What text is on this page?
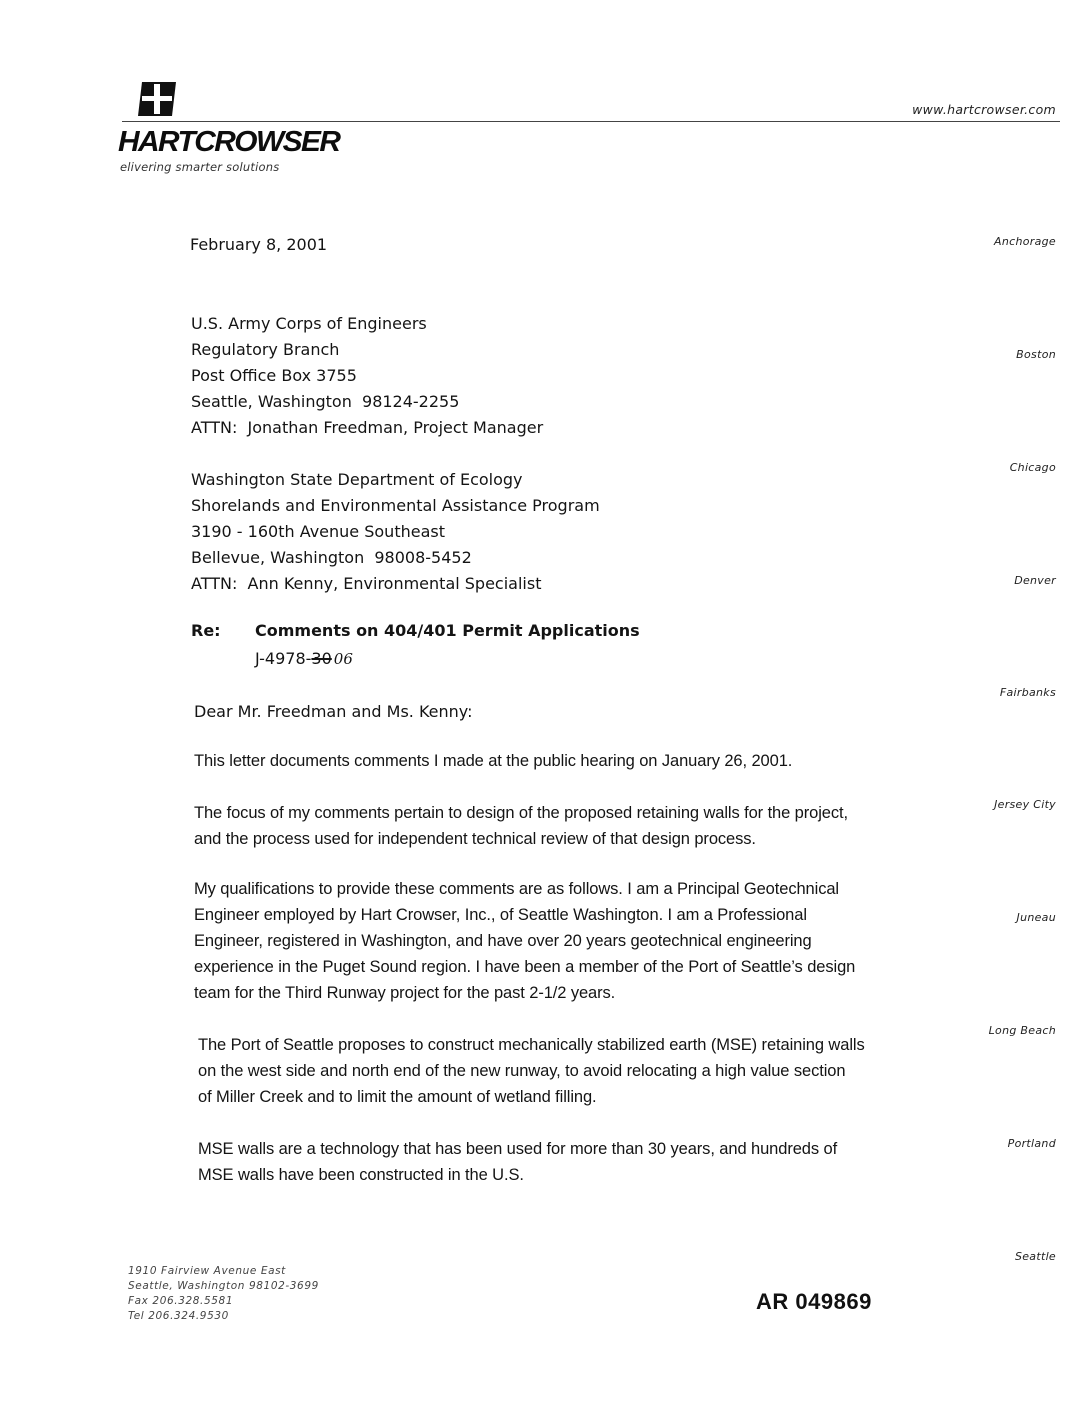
www.hartcrowser.com
HARTCROWSER
elivering smarter solutions
Anchorage
Boston
Chicago
Denver
Fairbanks
Jersey City
Juneau
Long Beach
Portland
Seattle
February 8, 2001
U.S. Army Corps of Engineers
Regulatory Branch
Post Office Box 3755
Seattle, Washington  98124-2255
ATTN:  Jonathan Freedman, Project Manager
Washington State Department of Ecology
Shorelands and Environmental Assistance Program
3190 - 160th Avenue Southeast
Bellevue, Washington  98008-5452
ATTN:  Ann Kenny, Environmental Specialist
Re: Comments on 404/401 Permit Applications
J-4978-30 06
Dear Mr. Freedman and Ms. Kenny:
This letter documents comments I made at the public hearing on January 26, 2001.
The focus of my comments pertain to design of the proposed retaining walls for the project,
and the process used for independent technical review of that design process.
My qualifications to provide these comments are as follows. I am a Principal Geotechnical
Engineer employed by Hart Crowser, Inc., of Seattle Washington. I am a Professional
Engineer, registered in Washington, and have over 20 years geotechnical engineering
experience in the Puget Sound region. I have been a member of the Port of Seattle’s design
team for the Third Runway project for the past 2-1/2 years.
The Port of Seattle proposes to construct mechanically stabilized earth (MSE) retaining walls
on the west side and north end of the new runway, to avoid relocating a high value section
of Miller Creek and to limit the amount of wetland filling.
MSE walls are a technology that has been used for more than 30 years, and hundreds of
MSE walls have been constructed in the U.S.
1910 Fairview Avenue East
Seattle, Washington 98102-3699
Fax 206.328.5581
Tel 206.324.9530
AR 049869
